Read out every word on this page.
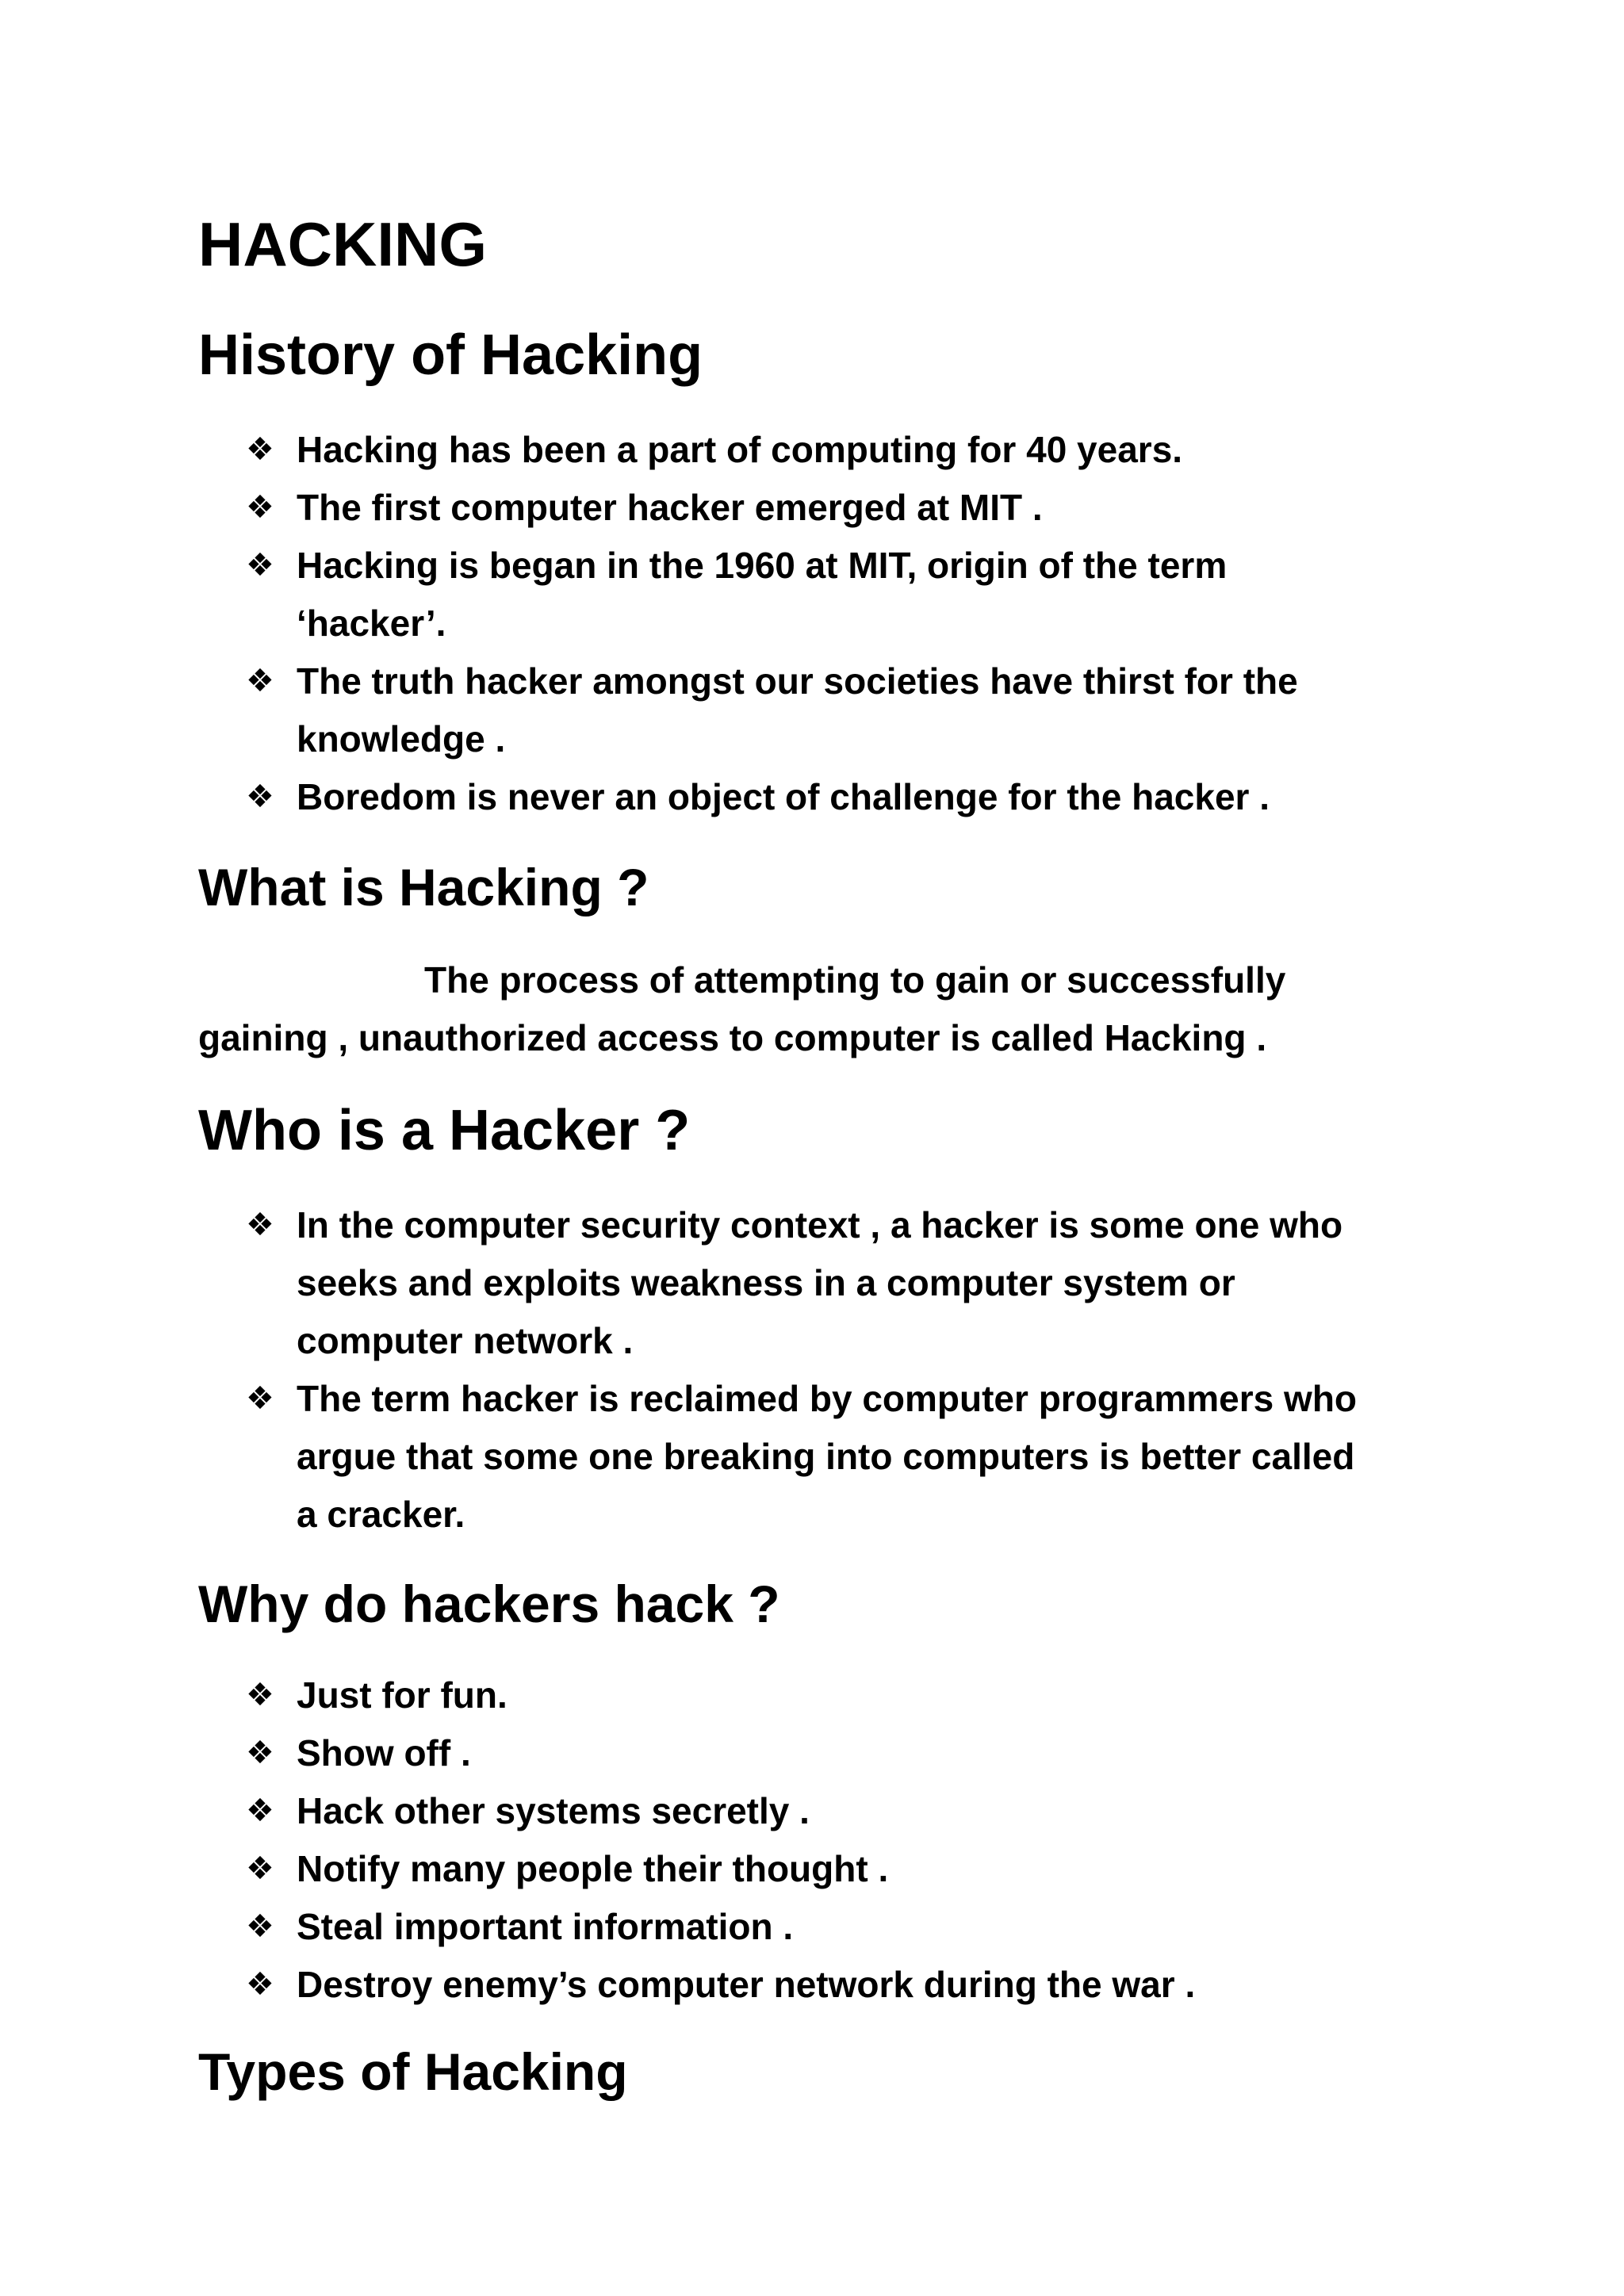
HACKING
History of Hacking
❖ Hacking has been a part of computing for 40 years.
❖ The first computer hacker emerged at MIT .
❖ Hacking is began in the 1960 at MIT, origin of the term
‘hacker’.
❖ The truth hacker amongst our societies have thirst for the
knowledge .
❖ Boredom is never an object of challenge for the hacker .
What is Hacking ?

The process of attempting to gain or successfully
gaining , unauthorized access to computer is called Hacking .

Who is a Hacker ?
❖ In the computer security context , a hacker is some one who
seeks and exploits weakness in a computer system or
computer network .
❖ The term hacker is reclaimed by computer programmers who
argue that some one breaking into computers is better called
a cracker.
Why do hackers hack ?
❖ Just for fun.
❖ Show off .
❖ Hack other systems secretly .
❖ Notify many people their thought .
❖ Steal important information .
❖ Destroy enemy’s computer network during the war .
Types of Hacking
